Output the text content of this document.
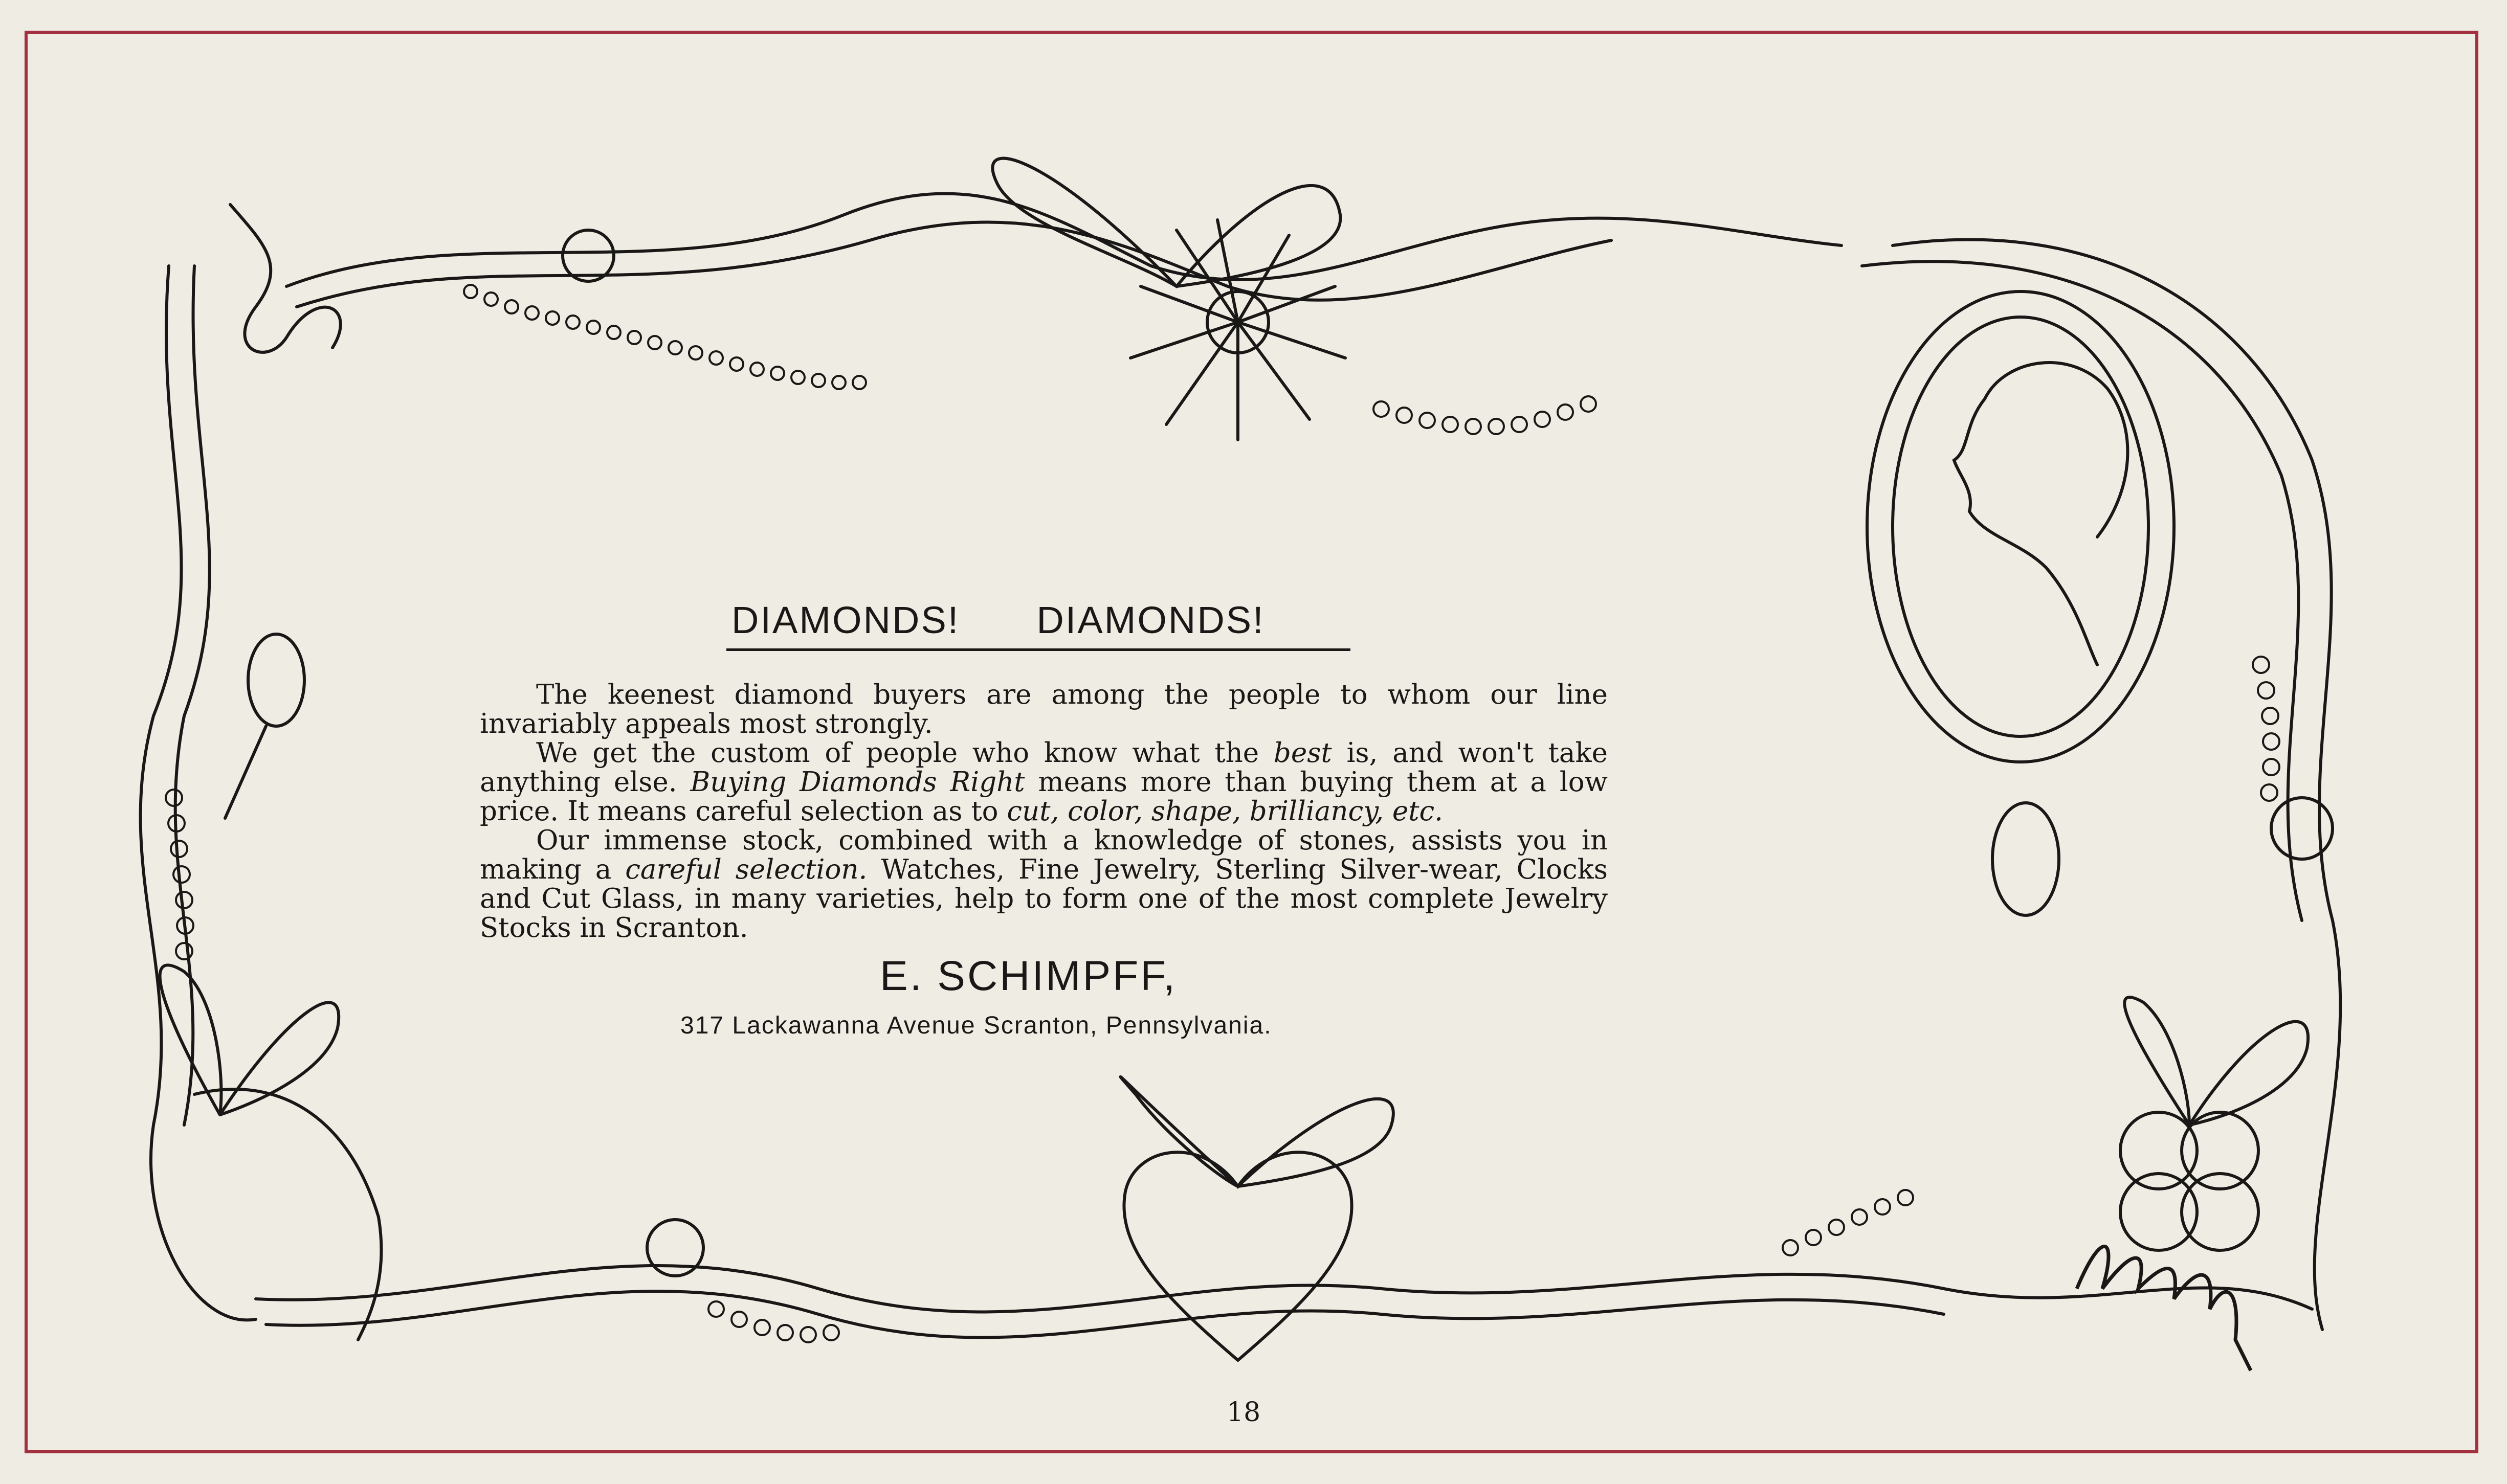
DIAMONDS! DIAMONDS!

The keenest diamond buyers are among the people to whom our line invariably appeals most strongly.

We get the custom of people who know what the best is, and won't take anything else. Buying Diamonds Right means more than buying them at a low price. It means careful selection as to cut, color, shape, brilliancy, etc.

Our immense stock, combined with a knowledge of stones, assists you in making a careful selection. Watches, Fine Jewelry, Sterling Silver-wear, Clocks and Cut Glass, in many varieties, help to form one of the most complete Jewelry Stocks in Scranton.

E. SCHIMPFF,
317 Lackawanna Avenue Scranton, Pennsylvania.
18
